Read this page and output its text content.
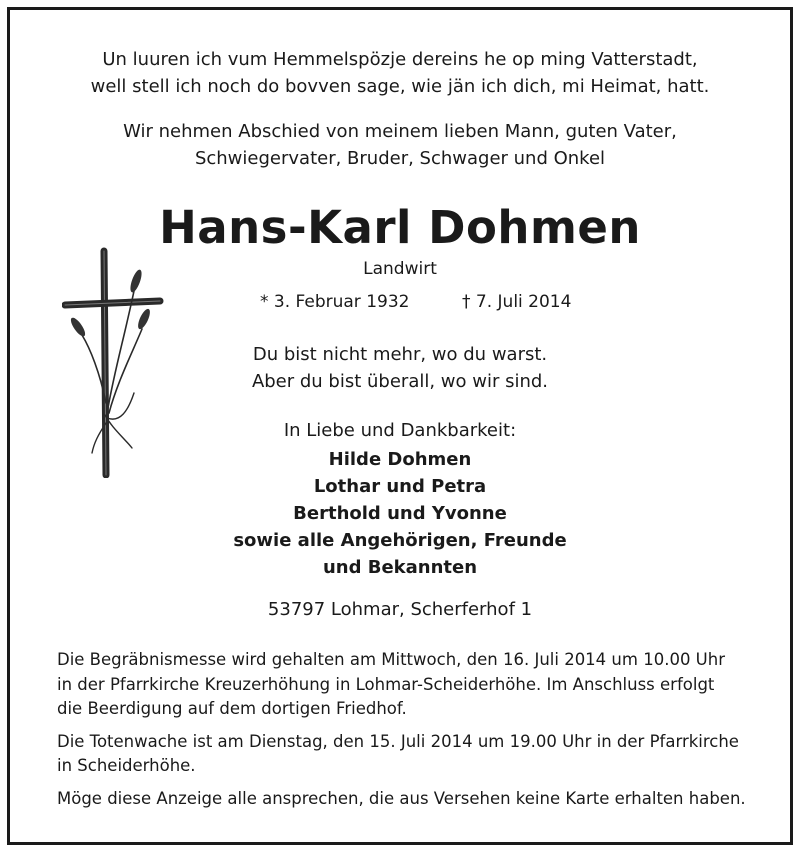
Un luuren ich vum Hemmelspözje dereins he op ming Vatterstadt,
well stell ich noch do bovven sage, wie jän ich dich, mi Heimat, hatt.
Wir nehmen Abschied von meinem lieben Mann, guten Vater,
Schwiegervater, Bruder, Schwager und Onkel
Hans-Karl Dohmen
Landwirt
* 3. Februar 1932	† 7. Juli 2014
Du bist nicht mehr, wo du warst.
Aber du bist überall, wo wir sind.
In Liebe und Dankbarkeit:
Hilde Dohmen
Lothar und Petra
Berthold und Yvonne
sowie alle Angehörigen, Freunde
und Bekannten
53797 Lohmar, Scherferhof 1

Die Begräbnismesse wird gehalten am Mittwoch, den 16. Juli 2014 um 10.00 Uhr
in der Pfarrkirche Kreuzerhöhung in Lohmar-Scheiderhöhe. Im Anschluss erfolgt
die Beerdigung auf dem dortigen Friedhof.

Die Totenwache ist am Dienstag, den 15. Juli 2014 um 19.00 Uhr in der Pfarrkirche
in Scheiderhöhe.

Möge diese Anzeige alle ansprechen, die aus Versehen keine Karte erhalten haben.
